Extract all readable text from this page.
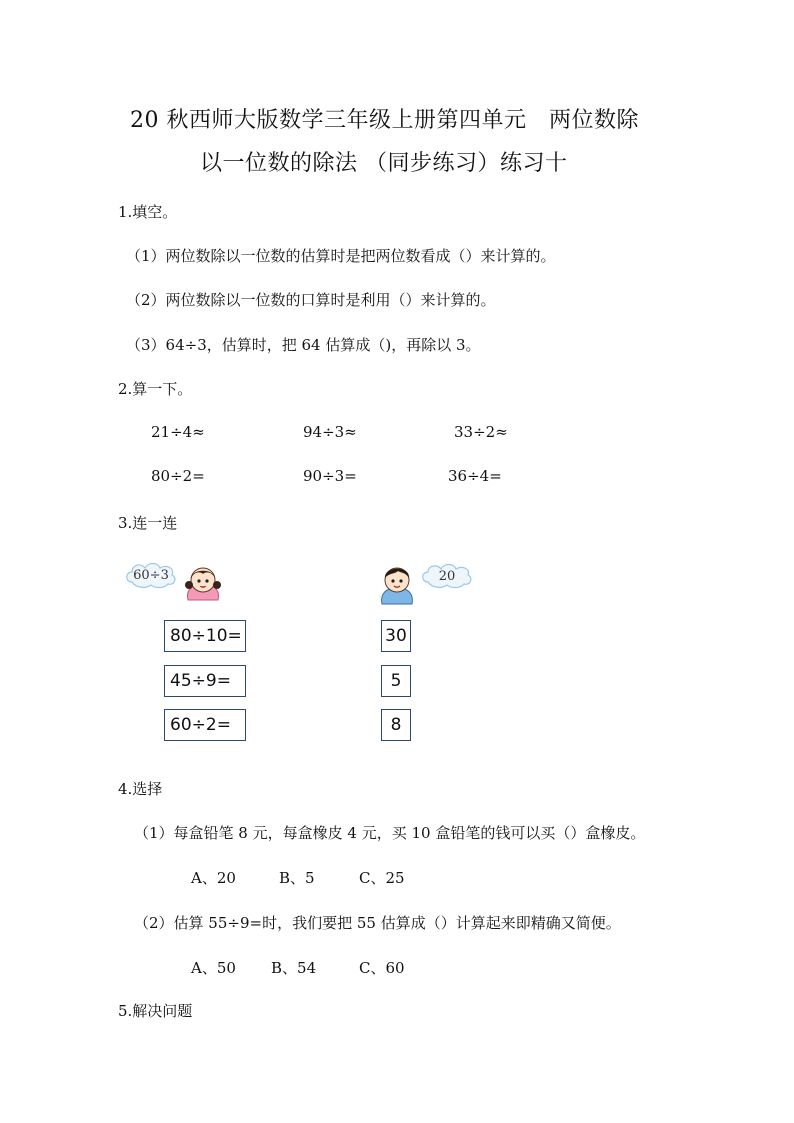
20 秋西师大版数学三年级上册第四单元　两位数除
以一位数的除法 （同步练习）练习十
1.填空。
（1）两位数除以一位数的估算时是把两位数看成（）来计算的。
（2）两位数除以一位数的口算时是利用（）来计算的。
（3）64÷3，估算时，把 64 估算成（)，再除以 3。
2.算一下。
21÷4≈	94÷3≈	33÷2≈
80÷2=	90÷3=	36÷4=
3.连一连
60÷3	20
80÷10=
45÷9=
60÷2=
30
5
8
4.选择
（1）每盒铅笔 8 元，每盒橡皮 4 元，买 10 盒铅笔的钱可以买（）盒橡皮。
A、20	B、5	C、25
（2）估算 55÷9=时，我们要把 55 估算成（）计算起来即精确又简便。
A、50 B、54	C、60
5.解决问题
